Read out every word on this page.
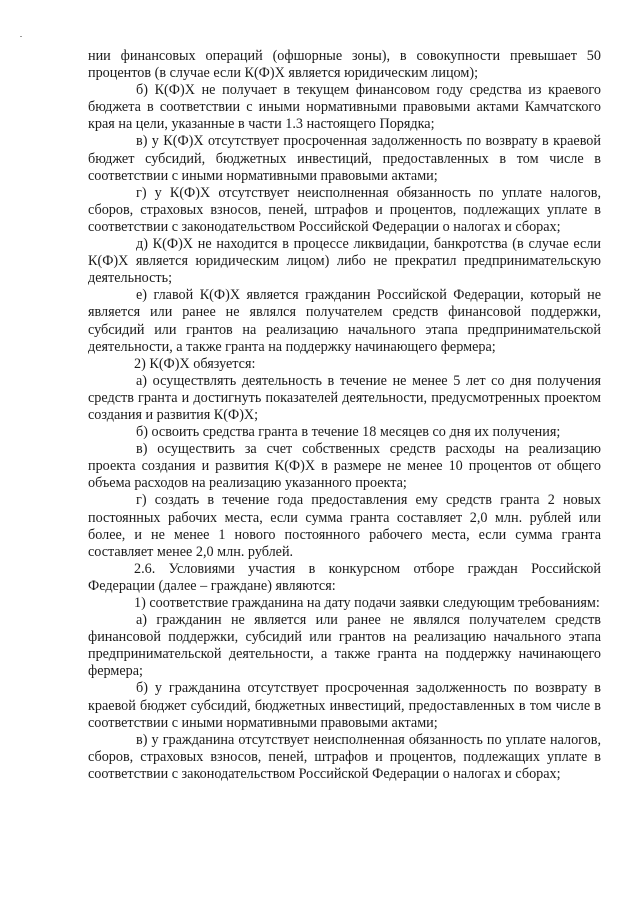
нии финансовых операций (офшорные зоны), в совокупности превышает 50 процентов (в случае если К(Ф)Х является юридическим лицом);

б) К(Ф)Х не получает в текущем финансовом году средства из краевого бюджета в соответствии с иными нормативными правовыми актами Камчатского края на цели, указанные в части 1.3 настоящего Порядка;

в) у К(Ф)Х отсутствует просроченная задолженность по возврату в краевой бюджет субсидий, бюджетных инвестиций, предоставленных в том числе в соответствии с иными нормативными правовыми актами;

г) у К(Ф)Х отсутствует неисполненная обязанность по уплате налогов, сборов, страховых взносов, пеней, штрафов и процентов, подлежащих уплате в соответствии с законодательством Российской Федерации о налогах и сборах;

д) К(Ф)Х не находится в процессе ликвидации, банкротства (в случае если К(Ф)Х является юридическим лицом) либо не прекратил предпринимательскую деятельность;

е) главой К(Ф)Х является гражданин Российской Федерации, который не является или ранее не являлся получателем средств финансовой поддержки, субсидий или грантов на реализацию начального этапа предпринимательской деятельности, а также гранта на поддержку начинающего фермера;

2) К(Ф)Х обязуется:

а) осуществлять деятельность в течение не менее 5 лет со дня получения средств гранта и достигнуть показателей деятельности, предусмотренных проектом создания и развития К(Ф)Х;

б) освоить средства гранта в течение 18 месяцев со дня их получения;

в) осуществить за счет собственных средств расходы на реализацию проекта создания и развития К(Ф)Х в размере не менее 10 процентов от общего объема расходов на реализацию указанного проекта;

г) создать в течение года предоставления ему средств гранта 2 новых постоянных рабочих места, если сумма гранта составляет 2,0 млн. рублей или более, и не менее 1 нового постоянного рабочего места, если сумма гранта составляет менее 2,0 млн. рублей.

2.6. Условиями участия в конкурсном отборе граждан Российской Федерации (далее – граждане) являются:

1) соответствие гражданина на дату подачи заявки следующим требованиям:

а) гражданин не является или ранее не являлся получателем средств финансовой поддержки, субсидий или грантов на реализацию начального этапа предпринимательской деятельности, а также гранта на поддержку начинающего фермера;

б) у гражданина отсутствует просроченная задолженность по возврату в краевой бюджет субсидий, бюджетных инвестиций, предоставленных в том числе в соответствии с иными нормативными правовыми актами;

в) у гражданина отсутствует неисполненная обязанность по уплате налогов, сборов, страховых взносов, пеней, штрафов и процентов, подлежащих уплате в соответствии с законодательством Российской Федерации о налогах и сборах;
